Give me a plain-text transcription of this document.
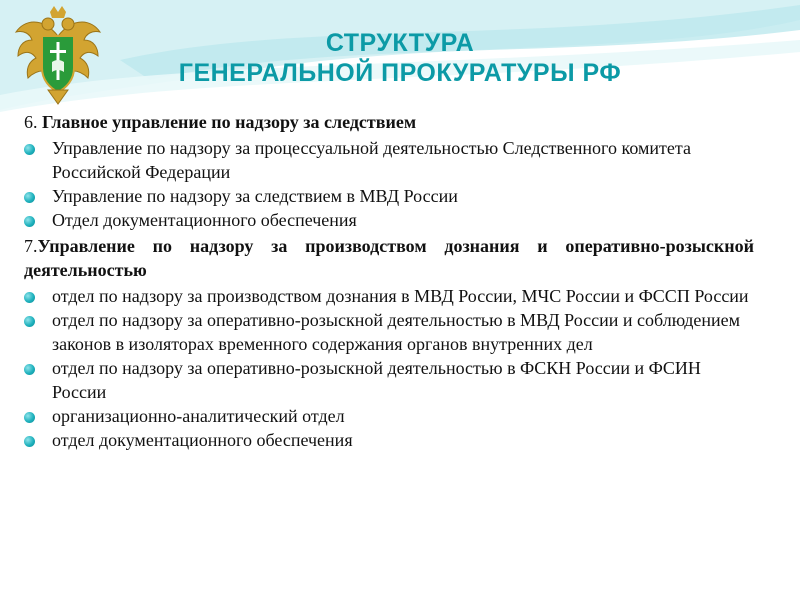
СТРУКТУРА
ГЕНЕРАЛЬНОЙ ПРОКУРАТУРЫ РФ
6. Главное управление по надзору за следствием
Управление по надзору за процессуальной деятельностью Следственного комитета Российской Федерации
Управление по надзору за следствием в МВД России
Отдел документационного обеспечения
7.Управление по надзору за производством дознания и оперативно-розыскной деятельностью
отдел по надзору за производством дознания в МВД России, МЧС России и ФССП России
отдел по надзору за оперативно-розыскной деятельностью в МВД России и соблюдением законов в изоляторах временного содержания органов внутренних дел
отдел по надзору за оперативно-розыскной деятельностью в ФСКН России и ФСИН России
организационно-аналитический отдел
отдел документационного обеспечения
